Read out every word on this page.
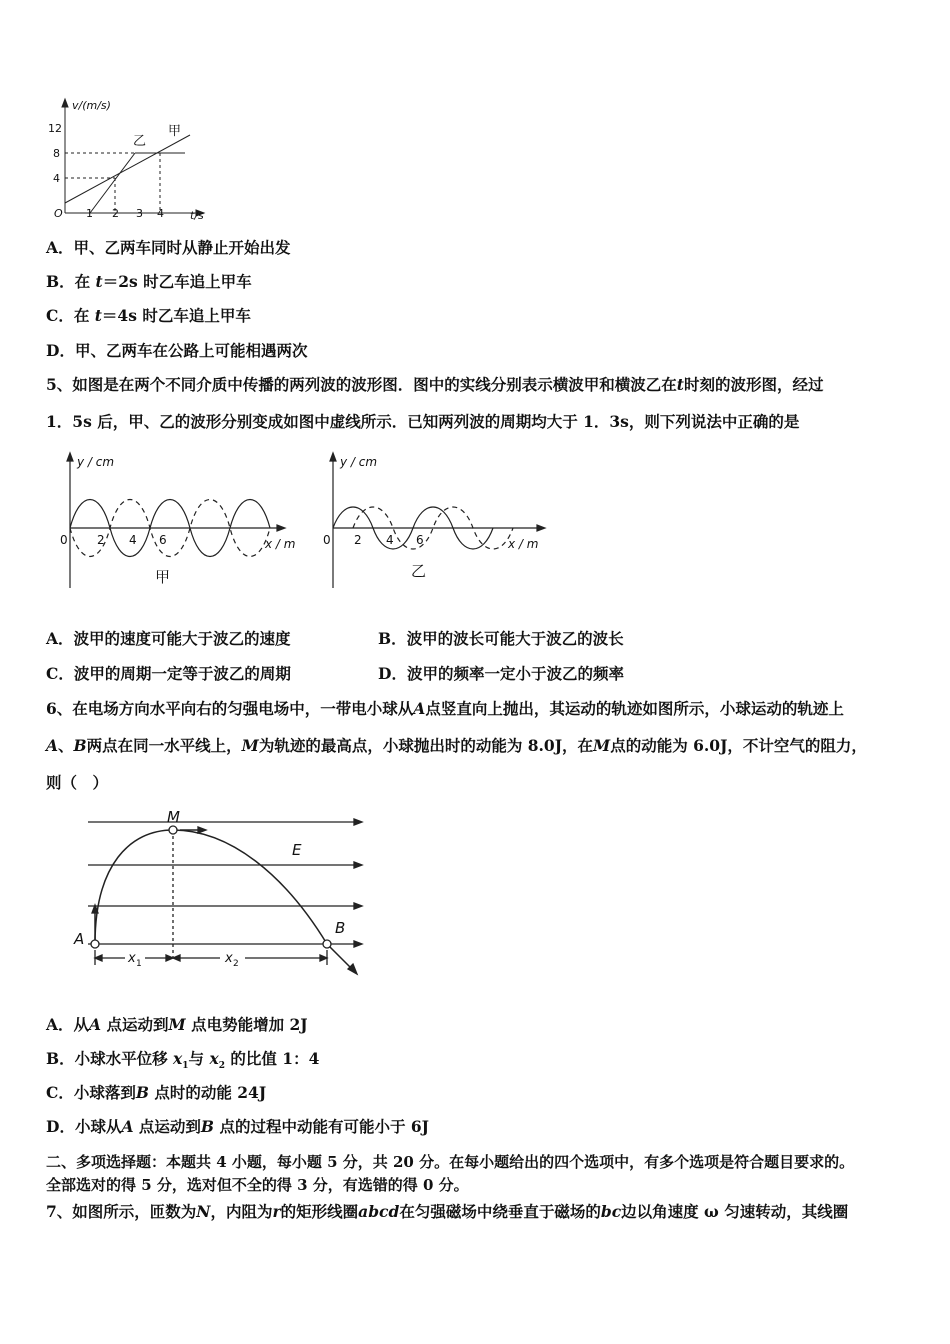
v/(m/s)
t/s
O
12
8
4
1 2 3 4
乙
甲
A．甲、乙两车同时从静止开始出发
B．在 t＝2s 时乙车追上甲车
C．在 t＝4s 时乙车追上甲车
D．甲、乙两车在公路上可能相遇两次
5、如图是在两个不同介质中传播的两列波的波形图．图中的实线分别表示横波甲和横波乙在t时刻的波形图，经过
1．5s 后，甲、乙的波形分别变成如图中虚线所示．已知两列波的周期均大于 1．3s，则下列说法中正确的是
y / cm
x / m
0 2 4 6
甲
y / cm
x / m
0 2 4 6
乙
A．波甲的速度可能大于波乙的速度	B．波甲的波长可能大于波乙的波长
C．波甲的周期一定等于波乙的周期	D．波甲的频率一定小于波乙的频率
6、在电场方向水平向右的匀强电场中，一带电小球从A点竖直向上抛出，其运动的轨迹如图所示，小球运动的轨迹上
A、B两点在同一水平线上，M为轨迹的最高点，小球抛出时的动能为 8.0J，在M点的动能为 6.0J，不计空气的阻力，
则（　）
M
E
A
B
x 1	x 2
A．从A 点运动到M 点电势能增加 2J
B．小球水平位移 $x_1$与 $x_2$ 的比值 1：4
C．小球落到B 点时的动能 24J
D．小球从A 点运动到B 点的过程中动能有可能小于 6J
二、多项选择题：本题共 4 小题，每小题 5 分，共 20 分。在每小题给出的四个选项中，有多个选项是符合题目要求的。
全部选对的得 5 分，选对但不全的得 3 分，有选错的得 0 分。
7、如图所示，匝数为N，内阻为r的矩形线圈abcd在匀强磁场中绕垂直于磁场的bc边以角速度 ω 匀速转动，其线圈
